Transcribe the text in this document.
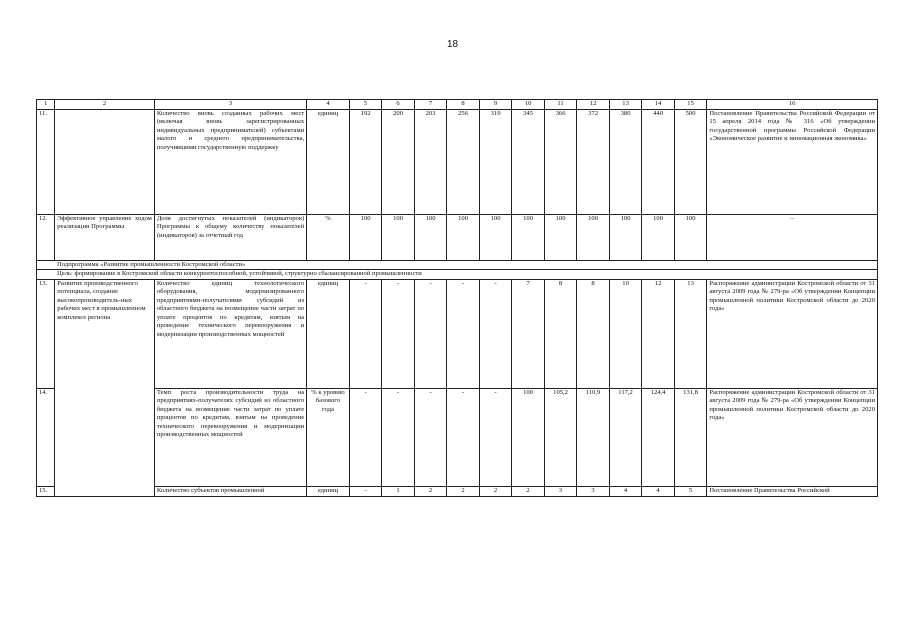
18
1	2	3	4	5	6	7	8	9	10	11	12	13	14	15	16
11.		Количество вновь созданных рабочих мест (включая вновь зарегистрированных индивидуальных предпринимателей) субъектами малого и среднего предпринимательства, получившими государственную поддержку	единиц	192	200	203	256	319	345	366	372	380	440	500	Постановление Правительства Российской Федерации от 15 апреля 2014 года № 316 «Об утверждении государственной программы Российской Федерации «Экономическое развитие и инновационная экономика»
12.	Эффективное управление ходом реализации Программы	Доля достигнутых показателей (индикаторов) Программы к общему количеству показателей (индикаторов) за отчетный год	%	100	100	100	100	100	100	100	100	100	100	100	–
Подпрограмма «Развитие промышленности Костромской области»															
Цель: формирование в Костромской области конкурентоспособной, устойчивой, структурно сбалансированной промышленности															
13.	Развитие производственного потенциала, создание высокопроизводитель-ных рабочих мест в промышленном комплексе региона	Количество единиц технологического оборудования, модернизированного предприятиями-получателями субсидий из областного бюджета на возмещение части затрат по уплате процентов по кредитам, взятым на проведение технического перевооружения и модернизации производственных мощностей	единиц	-	-	-	-	-	7	8	8	10	12	13	Распоряжение администрации Костромской области от 31 августа 2009 года № 279-ра «Об утверждении Концепции промышленной политики Костромской области до 2020 года»
14.		Темп роста производительности труда на предприятиях-получателях субсидий из областного бюджета на возмещение части затрат по уплате процентов по кредитам, взятым на проведение технического перевооружения и модернизации производственных мощностей	% к уровню базового года	-	-	-	-	-	100	105,2	110,9	117,2	124,4	131,8	Распоряжение администрации Костромской области от 31 августа 2009 года № 279-ра «Об утверждении Концепции промышленной политики Костромской области до 2020 года»
15.		Количество субъектов промышленной	единиц	-	1	2	2	2	2	3	3	4	4	5	Постановление Правительства Российской
